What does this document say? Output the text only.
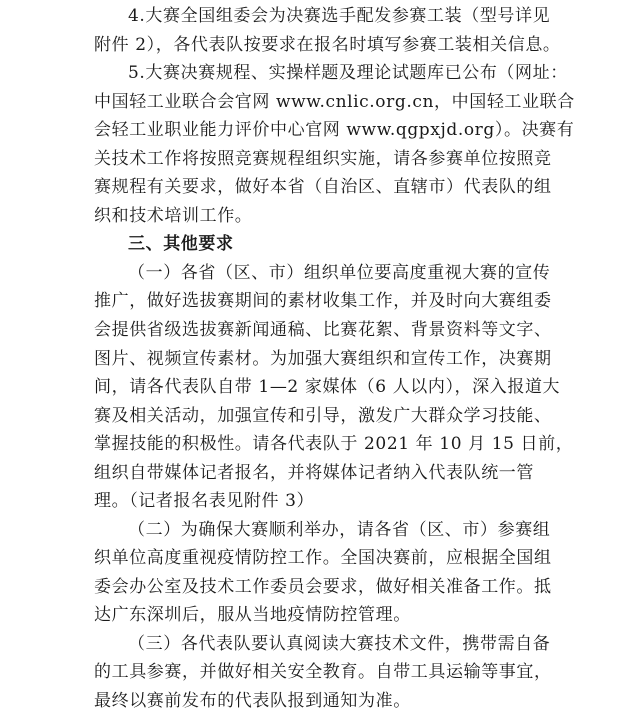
4.大赛全国组委会为决赛选手配发参赛工装（型号详见
附件 2），各代表队按要求在报名时填写参赛工装相关信息。
5.大赛决赛规程、实操样题及理论试题库已公布（网址：
中国轻工业联合会官网 www.cnlic.org.cn，中国轻工业联合
会轻工业职业能力评价中心官网 www.qgpxjd.org）。决赛有
关技术工作将按照竞赛规程组织实施，请各参赛单位按照竞
赛规程有关要求，做好本省（自治区、直辖市）代表队的组
织和技术培训工作。
三、其他要求
（一）各省（区、市）组织单位要高度重视大赛的宣传
推广，做好选拔赛期间的素材收集工作，并及时向大赛组委
会提供省级选拔赛新闻通稿、比赛花絮、背景资料等文字、
图片、视频宣传素材。为加强大赛组织和宣传工作，决赛期
间，请各代表队自带 1—2 家媒体（6 人以内），深入报道大
赛及相关活动，加强宣传和引导，激发广大群众学习技能、
掌握技能的积极性。请各代表队于 2021 年 10 月 15 日前，
组织自带媒体记者报名，并将媒体记者纳入代表队统一管
理。（记者报名表见附件 3）
（二）为确保大赛顺利举办，请各省（区、市）参赛组
织单位高度重视疫情防控工作。全国决赛前，应根据全国组
委会办公室及技术工作委员会要求，做好相关准备工作。抵
达广东深圳后，服从当地疫情防控管理。
（三）各代表队要认真阅读大赛技术文件，携带需自备
的工具参赛，并做好相关安全教育。自带工具运输等事宜，
最终以赛前发布的代表队报到通知为准。
